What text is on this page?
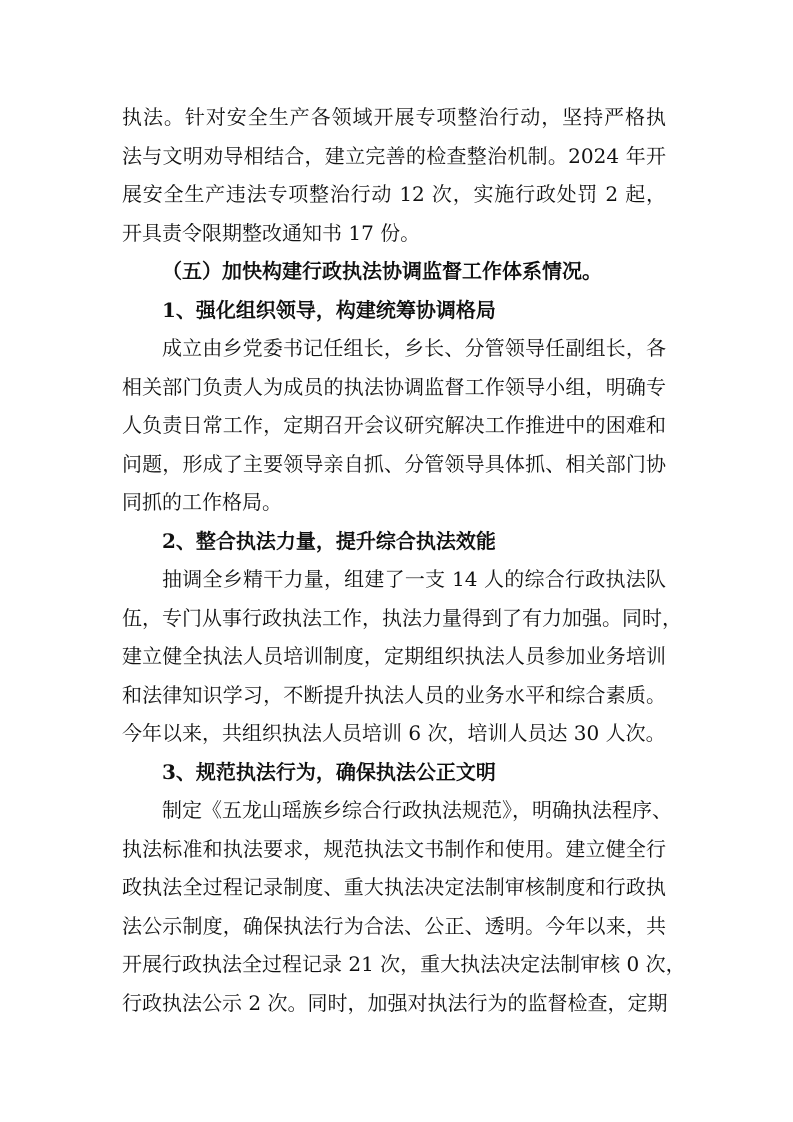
执法。针对安全生产各领域开展专项整治行动，坚持严格执
法与文明劝导相结合，建立完善的检查整治机制。2024 年开
展安全生产违法专项整治行动 12 次，实施行政处罚 2 起，
开具责令限期整改通知书 17 份。
（五）加快构建行政执法协调监督工作体系情况。
1、强化组织领导，构建统筹协调格局
成立由乡党委书记任组长，乡长、分管领导任副组长，各
相关部门负责人为成员的执法协调监督工作领导小组，明确专
人负责日常工作，定期召开会议研究解决工作推进中的困难和
问题，形成了主要领导亲自抓、分管领导具体抓、相关部门协
同抓的工作格局。
2、整合执法力量，提升综合执法效能
抽调全乡精干力量，组建了一支 14 人的综合行政执法队
伍，专门从事行政执法工作，执法力量得到了有力加强。同时，
建立健全执法人员培训制度，定期组织执法人员参加业务培训
和法律知识学习，不断提升执法人员的业务水平和综合素质。
今年以来，共组织执法人员培训 6 次，培训人员达 30 人次。
3、规范执法行为，确保执法公正文明
制定《五龙山瑶族乡综合行政执法规范》，明确执法程序、
执法标准和执法要求，规范执法文书制作和使用。建立健全行
政执法全过程记录制度、重大执法决定法制审核制度和行政执
法公示制度，确保执法行为合法、公正、透明。今年以来，共
开展行政执法全过程记录 21 次，重大执法决定法制审核 0 次，
行政执法公示 2 次。同时，加强对执法行为的监督检查，定期
